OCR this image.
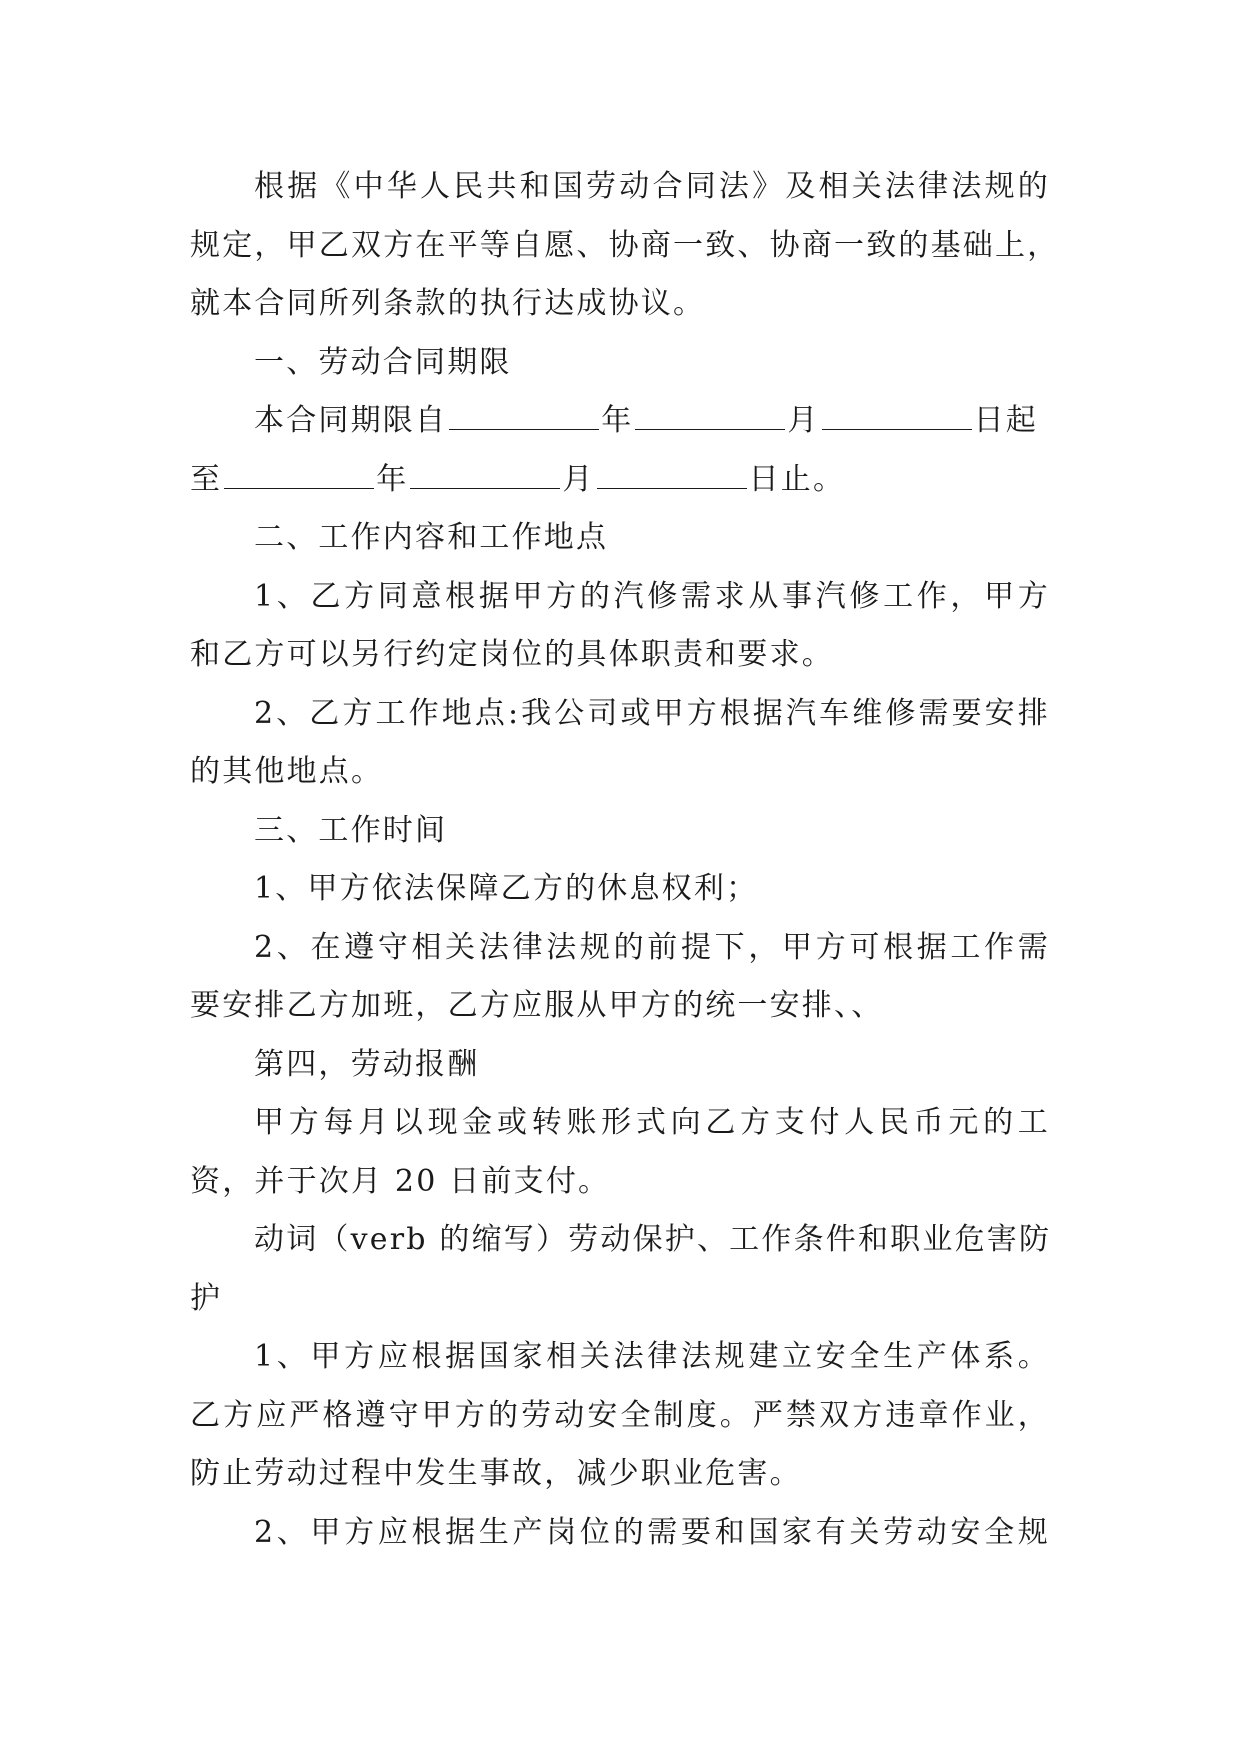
根据《中华人民共和国劳动合同法》及相关法律法规的
规定，甲乙双方在平等自愿、协商一致、协商一致的基础上，
就本合同所列条款的执行达成协议。
一、劳动合同期限
本合同期限自	年	月	日起
至	年	月	日止。
二、工作内容和工作地点
1、乙方同意根据甲方的汽修需求从事汽修工作，甲方
和乙方可以另行约定岗位的具体职责和要求。
2、乙方工作地点:我公司或甲方根据汽车维修需要安排
的其他地点。
三、工作时间
1、甲方依法保障乙方的休息权利；
2、在遵守相关法律法规的前提下，甲方可根据工作需
要安排乙方加班，乙方应服从甲方的统一安排、、
第四，劳动报酬
甲方每月以现金或转账形式向乙方支付人民币元的工
资，并于次月 20 日前支付。
动词（verb 的缩写）劳动保护、工作条件和职业危害防
护
1、甲方应根据国家相关法律法规建立安全生产体系。
乙方应严格遵守甲方的劳动安全制度。严禁双方违章作业，
防止劳动过程中发生事故，减少职业危害。
2、甲方应根据生产岗位的需要和国家有关劳动安全规
